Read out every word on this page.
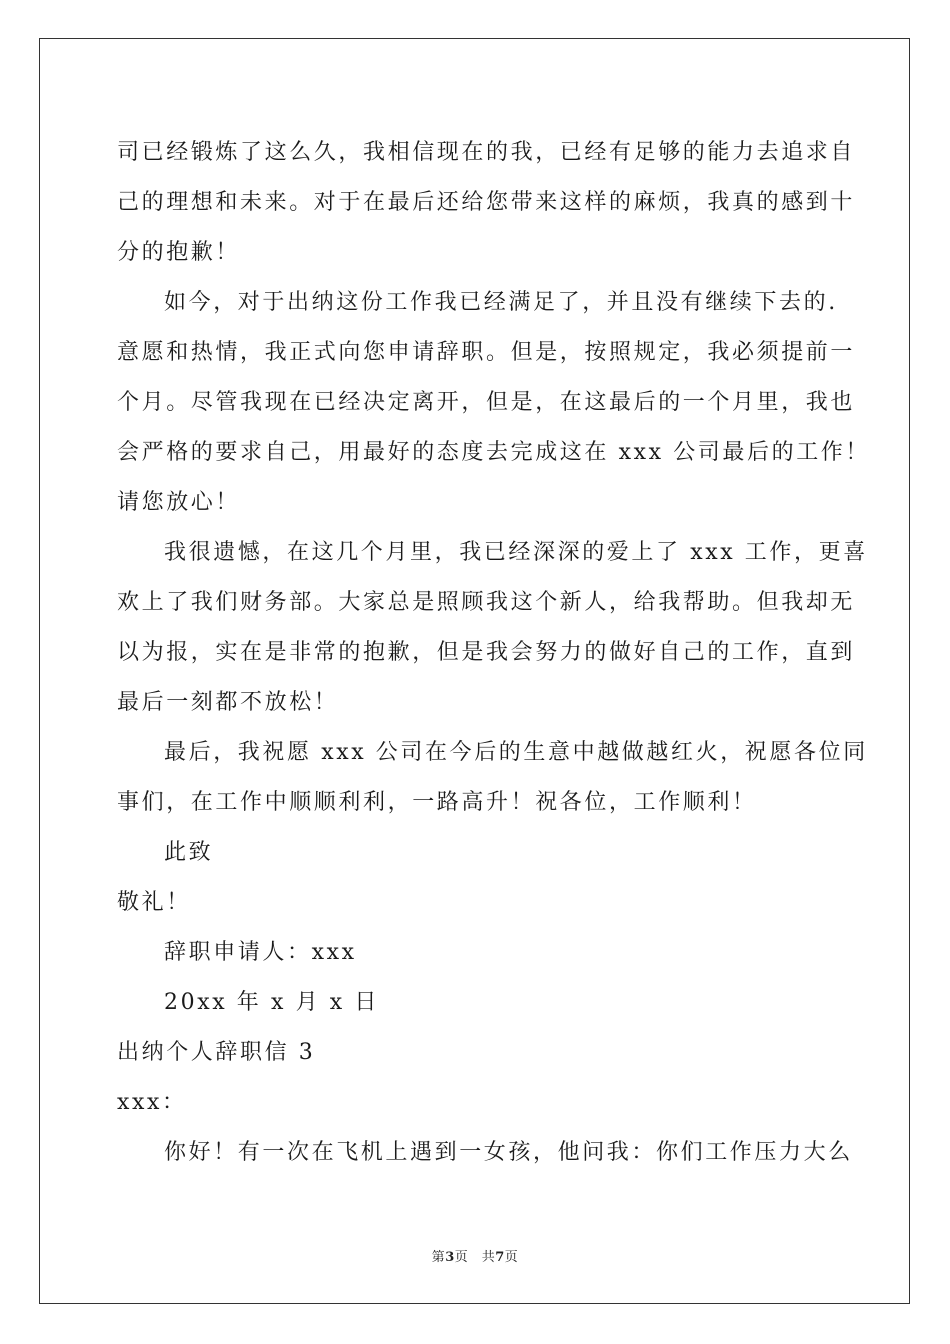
司已经锻炼了这么久，我相信现在的我，已经有足够的能力去追求自

己的理想和未来。对于在最后还给您带来这样的麻烦，我真的感到十

分的抱歉！

如今，对于出纳这份工作我已经满足了，并且没有继续下去的.

意愿和热情，我正式向您申请辞职。但是，按照规定，我必须提前一

个月。尽管我现在已经决定离开，但是，在这最后的一个月里，我也

会严格的要求自己，用最好的态度去完成这在 xxx 公司最后的工作！

请您放心！

我很遗憾，在这几个月里，我已经深深的爱上了 xxx 工作，更喜

欢上了我们财务部。大家总是照顾我这个新人，给我帮助。但我却无

以为报，实在是非常的抱歉，但是我会努力的做好自己的工作，直到

最后一刻都不放松！

最后，我祝愿 xxx 公司在今后的生意中越做越红火，祝愿各位同

事们，在工作中顺顺利利，一路高升！祝各位，工作顺利！

此致

敬礼！

辞职申请人：xxx

20xx 年 x 月 x 日

出纳个人辞职信 3

xxx：

你好！有一次在飞机上遇到一女孩，他问我：你们工作压力大么

第3页　共7页
